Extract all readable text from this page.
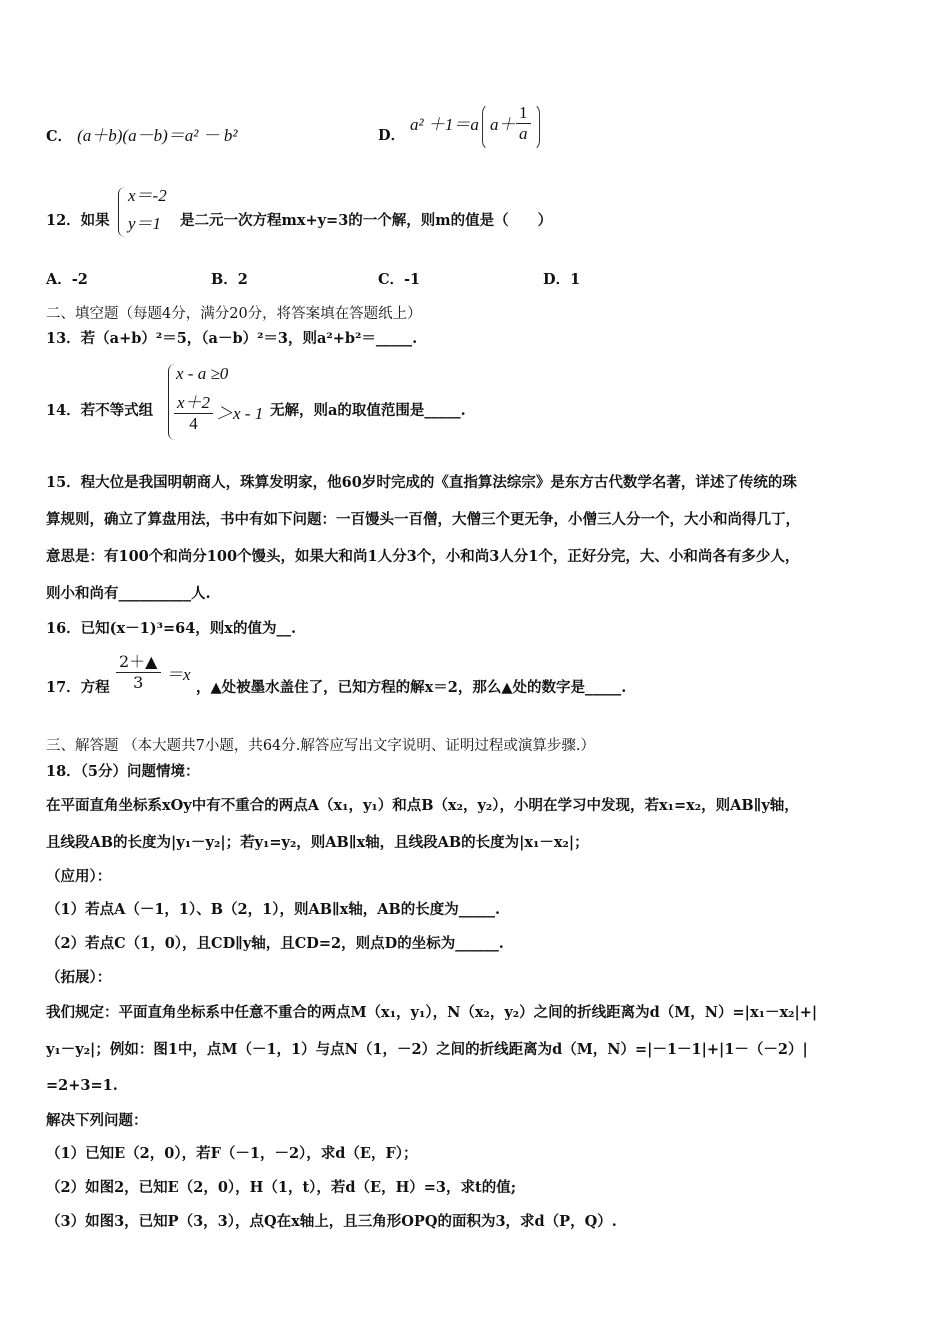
C． (a＋b)(a－b)＝a² － b²	D．
a² ＋1＝a $a+ \frac{1}{a}$
12．如果
x＝-2
y＝1 是二元一次方程mx+y=3的一个解，则m的值是（　　）
A．-2	B．2	C．-1	D．1
二、填空题（每题4分，满分20分，将答案填在答题纸上）
13．若（a+b）²＝5，（a－b）²＝3，则a²+b²＝_____.
14．若不等式组
x - a ≥0
$\frac{x+2}{4} >x - 1$ 无解，则a的取值范围是_____.
15．程大位是我国明朝商人，珠算发明家，他60岁时完成的《直指算法综宗》是东方古代数学名著，详述了传统的珠
算规则，确立了算盘用法，书中有如下问题：一百馒头一百僧，大僧三个更无争，小僧三人分一个，大小和尚得几丁，
意思是：有100个和尚分100个馒头，如果大和尚1人分3个，小和尚3人分1个，正好分完，大、小和尚各有多少人，
则小和尚有__________人.
16．已知(x－1)³=64，则x的值为__.
17．方程 $\frac{2+▲}{3} =x$
，▲处被墨水盖住了，已知方程的解x＝2，那么▲处的数字是_____.
三、解答题 （本大题共7小题，共64分.解答应写出文字说明、证明过程或演算步骤.）
18．（5分）问题情境：
在平面直角坐标系xOy中有不重合的两点A（x₁，y₁）和点B（x₂，y₂），小明在学习中发现，若x₁=x₂，则AB∥y轴，
且线段AB的长度为|y₁－y₂|；若y₁=y₂，则AB∥x轴，且线段AB的长度为|x₁－x₂|；
（应用）：
（1）若点A（－1，1）、B（2，1），则AB∥x轴，AB的长度为_____.
（2）若点C（1，0），且CD∥y轴，且CD=2，则点D的坐标为______.
（拓展）：
我们规定：平面直角坐标系中任意不重合的两点M（x₁，y₁），N（x₂，y₂）之间的折线距离为d（M，N）=|x₁－x₂|+|
y₁－y₂|；例如：图1中，点M（－1，1）与点N（1，－2）之间的折线距离为d（M，N）=|－1－1|+|1－（－2）|
=2+3=1.
解决下列问题：
（1）已知E（2，0），若F（－1，－2），求d（E，F）；
（2）如图2，已知E（2，0），H（1，t），若d（E，H）=3，求t的值;
（3）如图3，已知P（3，3），点Q在x轴上，且三角形OPQ的面积为3，求d（P，Q）.
